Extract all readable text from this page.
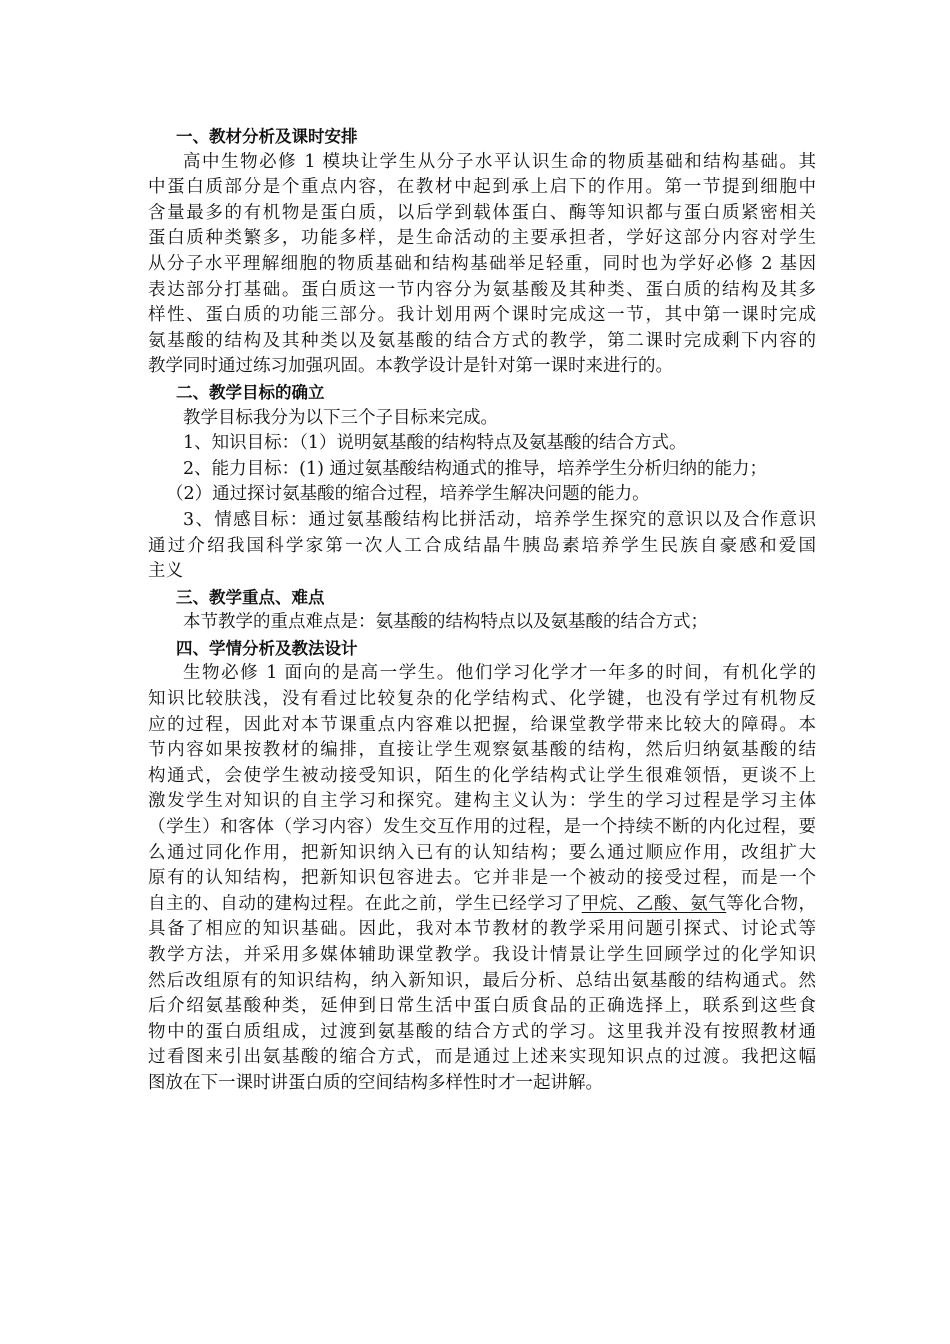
一、教材分析及课时安排
高中生物必修 1 模块让学生从分子水平认识生命的物质基础和结构基础。其
中蛋白质部分是个重点内容，在教材中起到承上启下的作用。第一节提到细胞中
含量最多的有机物是蛋白质，以后学到载体蛋白、酶等知识都与蛋白质紧密相关
蛋白质种类繁多，功能多样，是生命活动的主要承担者，学好这部分内容对学生
从分子水平理解细胞的物质基础和结构基础举足轻重，同时也为学好必修 2 基因
表达部分打基础。蛋白质这一节内容分为氨基酸及其种类、蛋白质的结构及其多
样性、蛋白质的功能三部分。我计划用两个课时完成这一节，其中第一课时完成
氨基酸的结构及其种类以及氨基酸的结合方式的教学，第二课时完成剩下内容的
教学同时通过练习加强巩固。本教学设计是针对第一课时来进行的。
二、教学目标的确立
教学目标我分为以下三个子目标来完成。
1、知识目标：（1）说明氨基酸的结构特点及氨基酸的结合方式。
2、能力目标：(1) 通过氨基酸结构通式的推导，培养学生分析归纳的能力；
（2）通过探讨氨基酸的缩合过程，培养学生解决问题的能力。
3、情感目标：通过氨基酸结构比拼活动，培养学生探究的意识以及合作意识
通过介绍我国科学家第一次人工合成结晶牛胰岛素培养学生民族自豪感和爱国
主义
三、教学重点、难点
本节教学的重点难点是：氨基酸的结构特点以及氨基酸的结合方式；
四、学情分析及教法设计
生物必修 1 面向的是高一学生。他们学习化学才一年多的时间，有机化学的
知识比较肤浅，没有看过比较复杂的化学结构式、化学键，也没有学过有机物反
应的过程，因此对本节课重点内容难以把握，给课堂教学带来比较大的障碍。本
节内容如果按教材的编排，直接让学生观察氨基酸的结构，然后归纳氨基酸的结
构通式，会使学生被动接受知识，陌生的化学结构式让学生很难领悟，更谈不上
激发学生对知识的自主学习和探究。建构主义认为：学生的学习过程是学习主体
（学生）和客体（学习内容）发生交互作用的过程，是一个持续不断的内化过程，要
么通过同化作用，把新知识纳入已有的认知结构；要么通过顺应作用，改组扩大
原有的认知结构，把新知识包容进去。它并非是一个被动的接受过程，而是一个
自主的、自动的建构过程。在此之前，学生已经学习了甲烷、乙酸、氨气等化合物，
具备了相应的知识基础。因此，我对本节教材的教学采用问题引探式、讨论式等
教学方法，并采用多媒体辅助课堂教学。我设计情景让学生回顾学过的化学知识
然后改组原有的知识结构，纳入新知识，最后分析、总结出氨基酸的结构通式。然
后介绍氨基酸种类，延伸到日常生活中蛋白质食品的正确选择上，联系到这些食
物中的蛋白质组成，过渡到氨基酸的结合方式的学习。这里我并没有按照教材通
过看图来引出氨基酸的缩合方式，而是通过上述来实现知识点的过渡。我把这幅
图放在下一课时讲蛋白质的空间结构多样性时才一起讲解。
